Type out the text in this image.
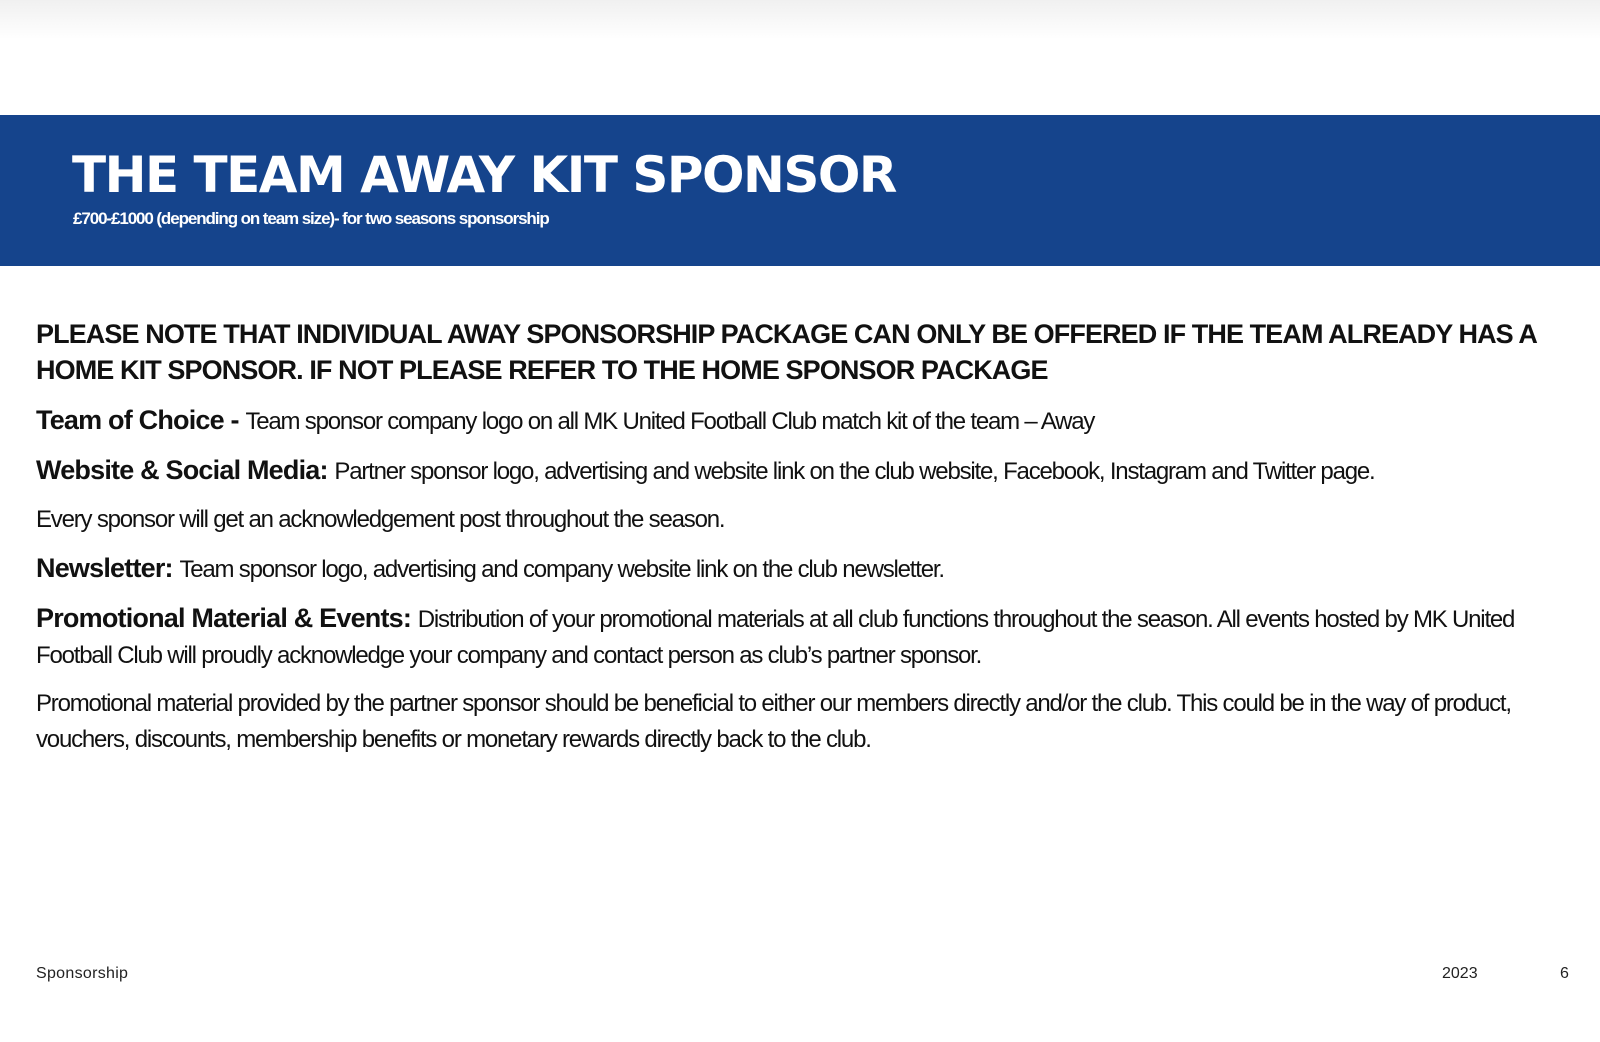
THE TEAM AWAY KIT SPONSOR
£700-£1000 (depending on team size)- for two seasons sponsorship

PLEASE NOTE THAT INDIVIDUAL AWAY SPONSORSHIP PACKAGE CAN ONLY BE OFFERED IF THE TEAM ALREADY HAS A HOME KIT SPONSOR. IF NOT PLEASE REFER TO THE HOME SPONSOR PACKAGE

Team of Choice - Team sponsor company logo on all MK United Football Club match kit of the team – Away

Website & Social Media: Partner sponsor logo, advertising and website link on the club website, Facebook, Instagram and Twitter page.

Every sponsor will get an acknowledgement post throughout the season.

Newsletter: Team sponsor logo, advertising and company website link on the club newsletter.

Promotional Material & Events: Distribution of your promotional materials at all club functions throughout the season. All events hosted by MK United Football Club will proudly acknowledge your company and contact person as club’s partner sponsor.

Promotional material provided by the partner sponsor should be beneficial to either our members directly and/or the club. This could be in the way of product, vouchers, discounts, membership benefits or monetary rewards directly back to the club.

Sponsorship	2023	6
